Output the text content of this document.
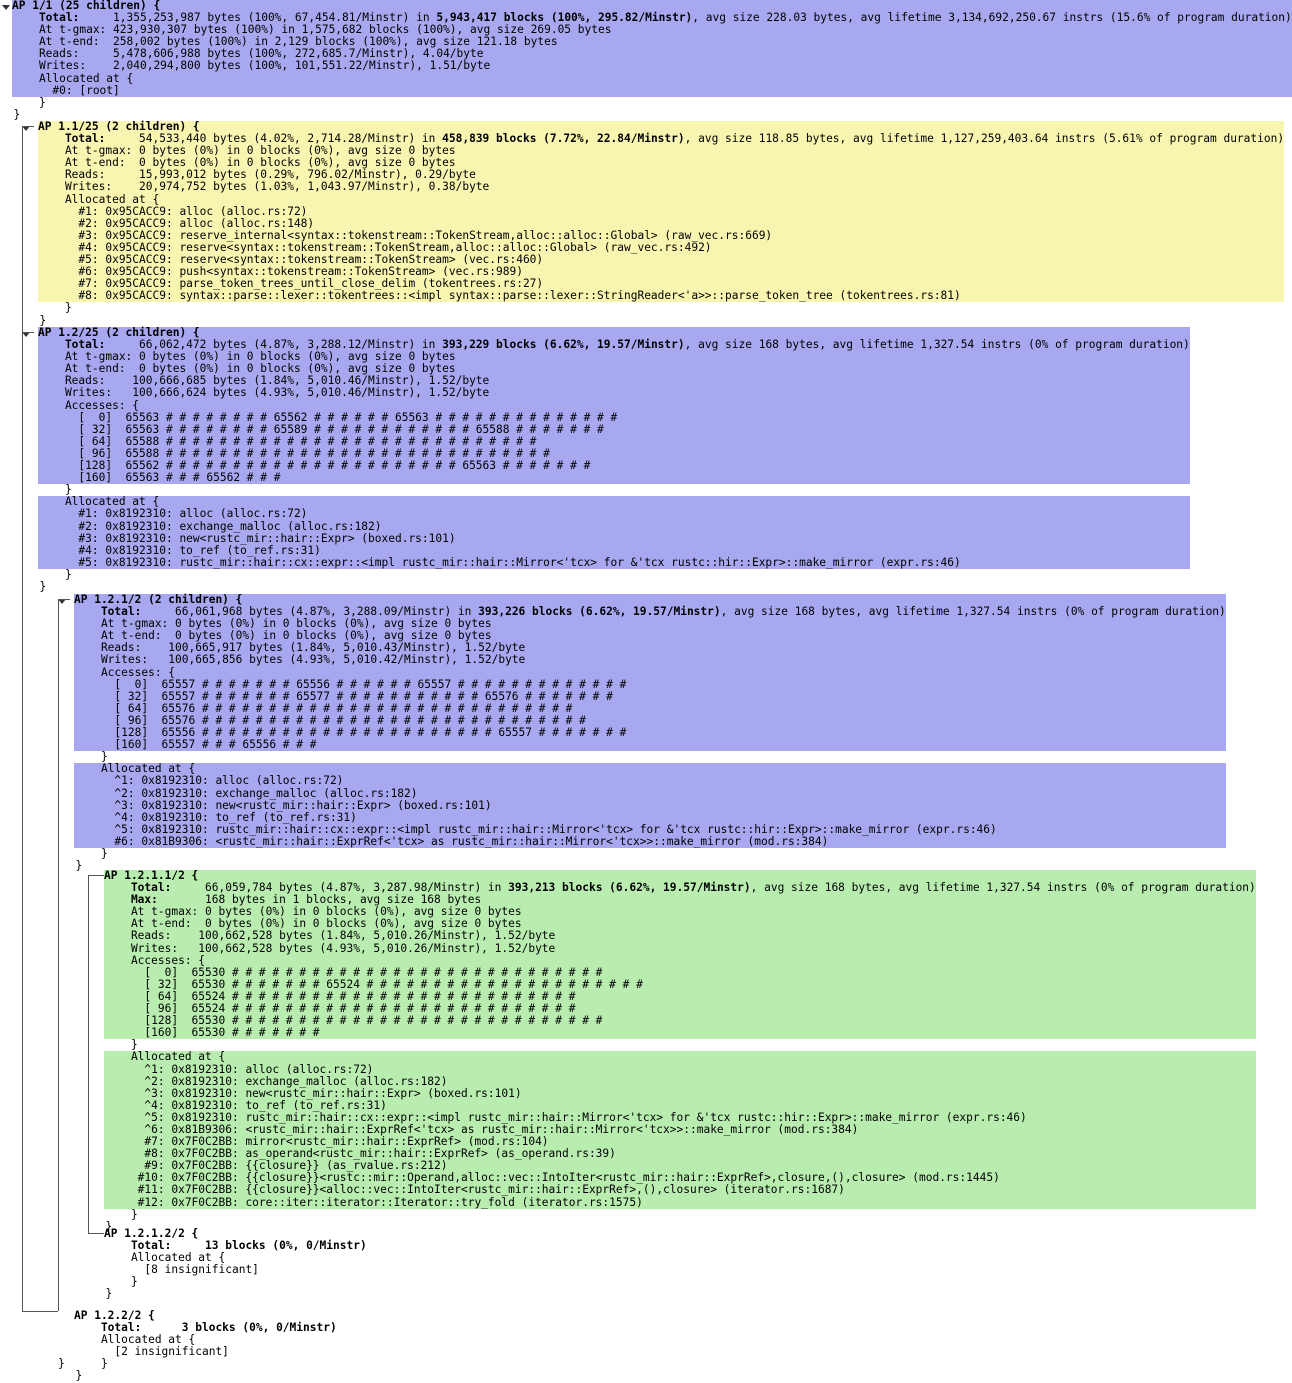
AP 1/1 (25 children) {
Total:     1,355,253,987 bytes (100%, 67,454.81/Minstr) in 5,943,417 blocks (100%, 295.82/Minstr), avg size 228.03 bytes, avg lifetime 3,134,692,250.67 instrs (15.6% of program duration)
At t-gmax: 423,930,307 bytes (100%) in 1,575,682 blocks (100%), avg size 269.05 bytes
At t-end:  258,002 bytes (100%) in 2,129 blocks (100%), avg size 121.18 bytes
Reads:     5,478,606,988 bytes (100%, 272,685.7/Minstr), 4.04/byte
Writes:    2,040,294,800 bytes (100%, 101,551.22/Minstr), 1.51/byte
Allocated at {
#0: [root]
}
}
AP 1.1/25 (2 children) {
Total:     54,533,440 bytes (4.02%, 2,714.28/Minstr) in 458,839 blocks (7.72%, 22.84/Minstr), avg size 118.85 bytes, avg lifetime 1,127,259,403.64 instrs (5.61% of program duration)
At t-gmax: 0 bytes (0%) in 0 blocks (0%), avg size 0 bytes
At t-end:  0 bytes (0%) in 0 blocks (0%), avg size 0 bytes
Reads:     15,993,012 bytes (0.29%, 796.02/Minstr), 0.29/byte
Writes:    20,974,752 bytes (1.03%, 1,043.97/Minstr), 0.38/byte
Allocated at {
#1: 0x95CACC9: alloc (alloc.rs:72)
#2: 0x95CACC9: alloc (alloc.rs:148)
#3: 0x95CACC9: reserve_internal<syntax::tokenstream::TokenStream,alloc::alloc::Global> (raw_vec.rs:669)
#4: 0x95CACC9: reserve<syntax::tokenstream::TokenStream,alloc::alloc::Global> (raw_vec.rs:492)
#5: 0x95CACC9: reserve<syntax::tokenstream::TokenStream> (vec.rs:460)
#6: 0x95CACC9: push<syntax::tokenstream::TokenStream> (vec.rs:989)
#7: 0x95CACC9: parse_token_trees_until_close_delim (tokentrees.rs:27)
#8: 0x95CACC9: syntax::parse::lexer::tokentrees::<impl syntax::parse::lexer::StringReader<'a>>::parse_token_tree (tokentrees.rs:81)
}
}
AP 1.2/25 (2 children) {
Total:     66,062,472 bytes (4.87%, 3,288.12/Minstr) in 393,229 blocks (6.62%, 19.57/Minstr), avg size 168 bytes, avg lifetime 1,327.54 instrs (0% of program duration)
At t-gmax: 0 bytes (0%) in 0 blocks (0%), avg size 0 bytes
At t-end:  0 bytes (0%) in 0 blocks (0%), avg size 0 bytes
Reads:    100,666,685 bytes (1.84%, 5,010.46/Minstr), 1.52/byte
Writes:   100,666,624 bytes (4.93%, 5,010.46/Minstr), 1.52/byte
Accesses: {
[  0]  65563 # # # # # # # # 65562 # # # # # # 65563 # # # # # # # # # # # # # #
[ 32]  65563 # # # # # # # # 65589 # # # # # # # # # # # # 65588 # # # # # # #
[ 64]  65588 # # # # # # # # # # # # # # # # # # # # # # # # # # # #
[ 96]  65588 # # # # # # # # # # # # # # # # # # # # # # # # # # # # #
[128]  65562 # # # # # # # # # # # # # # # # # # # # # # 65563 # # # # # # #
[160]  65563 # # # 65562 # # #
}
Allocated at {
#1: 0x8192310: alloc (alloc.rs:72)
#2: 0x8192310: exchange_malloc (alloc.rs:182)
#3: 0x8192310: new<rustc_mir::hair::Expr> (boxed.rs:101)
#4: 0x8192310: to_ref (to_ref.rs:31)
#5: 0x8192310: rustc_mir::hair::cx::expr::<impl rustc_mir::hair::Mirror<'tcx> for &'tcx rustc::hir::Expr>::make_mirror (expr.rs:46)
}
}
AP 1.2.1/2 (2 children) {
Total:     66,061,968 bytes (4.87%, 3,288.09/Minstr) in 393,226 blocks (6.62%, 19.57/Minstr), avg size 168 bytes, avg lifetime 1,327.54 instrs (0% of program duration)
At t-gmax: 0 bytes (0%) in 0 blocks (0%), avg size 0 bytes
At t-end:  0 bytes (0%) in 0 blocks (0%), avg size 0 bytes
Reads:    100,665,917 bytes (1.84%, 5,010.43/Minstr), 1.52/byte
Writes:   100,665,856 bytes (4.93%, 5,010.42/Minstr), 1.52/byte
Accesses: {
[  0]  65557 # # # # # # # 65556 # # # # # # 65557 # # # # # # # # # # # # #
[ 32]  65557 # # # # # # # 65577 # # # # # # # # # # # 65576 # # # # # # #
[ 64]  65576 # # # # # # # # # # # # # # # # # # # # # # # # # # # #
[ 96]  65576 # # # # # # # # # # # # # # # # # # # # # # # # # # # # #
[128]  65556 # # # # # # # # # # # # # # # # # # # # # # 65557 # # # # # # #
[160]  65557 # # # 65556 # # #
}
Allocated at {
^1: 0x8192310: alloc (alloc.rs:72)
^2: 0x8192310: exchange_malloc (alloc.rs:182)
^3: 0x8192310: new<rustc_mir::hair::Expr> (boxed.rs:101)
^4: 0x8192310: to_ref (to_ref.rs:31)
^5: 0x8192310: rustc_mir::hair::cx::expr::<impl rustc_mir::hair::Mirror<'tcx> for &'tcx rustc::hir::Expr>::make_mirror (expr.rs:46)
#6: 0x81B9306: <rustc_mir::hair::ExprRef<'tcx> as rustc_mir::hair::Mirror<'tcx>>::make_mirror (mod.rs:384)
}
}
AP 1.2.1.1/2 {
Total:     66,059,784 bytes (4.87%, 3,287.98/Minstr) in 393,213 blocks (6.62%, 19.57/Minstr), avg size 168 bytes, avg lifetime 1,327.54 instrs (0% of program duration)
Max:       168 bytes in 1 blocks, avg size 168 bytes
At t-gmax: 0 bytes (0%) in 0 blocks (0%), avg size 0 bytes
At t-end:  0 bytes (0%) in 0 blocks (0%), avg size 0 bytes
Reads:    100,662,528 bytes (1.84%, 5,010.26/Minstr), 1.52/byte
Writes:   100,662,528 bytes (4.93%, 5,010.26/Minstr), 1.52/byte
Accesses: {
[  0]  65530 # # # # # # # # # # # # # # # # # # # # # # # # # # # #
[ 32]  65530 # # # # # # # 65524 # # # # # # # # # # # # # # # # # # # # #
[ 64]  65524 # # # # # # # # # # # # # # # # # # # # # # # # # #
[ 96]  65524 # # # # # # # # # # # # # # # # # # # # # # # # # #
[128]  65530 # # # # # # # # # # # # # # # # # # # # # # # # # # # #
[160]  65530 # # # # # # #
}
Allocated at {
^1: 0x8192310: alloc (alloc.rs:72)
^2: 0x8192310: exchange_malloc (alloc.rs:182)
^3: 0x8192310: new<rustc_mir::hair::Expr> (boxed.rs:101)
^4: 0x8192310: to_ref (to_ref.rs:31)
^5: 0x8192310: rustc_mir::hair::cx::expr::<impl rustc_mir::hair::Mirror<'tcx> for &'tcx rustc::hir::Expr>::make_mirror (expr.rs:46)
^6: 0x81B9306: <rustc_mir::hair::ExprRef<'tcx> as rustc_mir::hair::Mirror<'tcx>>::make_mirror (mod.rs:384)
#7: 0x7F0C2BB: mirror<rustc_mir::hair::ExprRef> (mod.rs:104)
#8: 0x7F0C2BB: as_operand<rustc_mir::hair::ExprRef> (as_operand.rs:39)
#9: 0x7F0C2BB: {{closure}} (as_rvalue.rs:212)
#10: 0x7F0C2BB: {{closure}}<rustc::mir::Operand,alloc::vec::IntoIter<rustc_mir::hair::ExprRef>,closure,(),closure> (mod.rs:1445)
#11: 0x7F0C2BB: {{closure}}<alloc::vec::IntoIter<rustc_mir::hair::ExprRef>,(),closure> (iterator.rs:1687)
#12: 0x7F0C2BB: core::iter::iterator::Iterator::try_fold (iterator.rs:1575)
}
}
AP 1.2.1.2/2 {
Total:     13 blocks (0%, 0/Minstr)
Allocated at {
[8 insignificant]
}
}
AP 1.2.2/2 {
Total:      3 blocks (0%, 0/Minstr)
Allocated at {
[2 insignificant]
}
}
}
